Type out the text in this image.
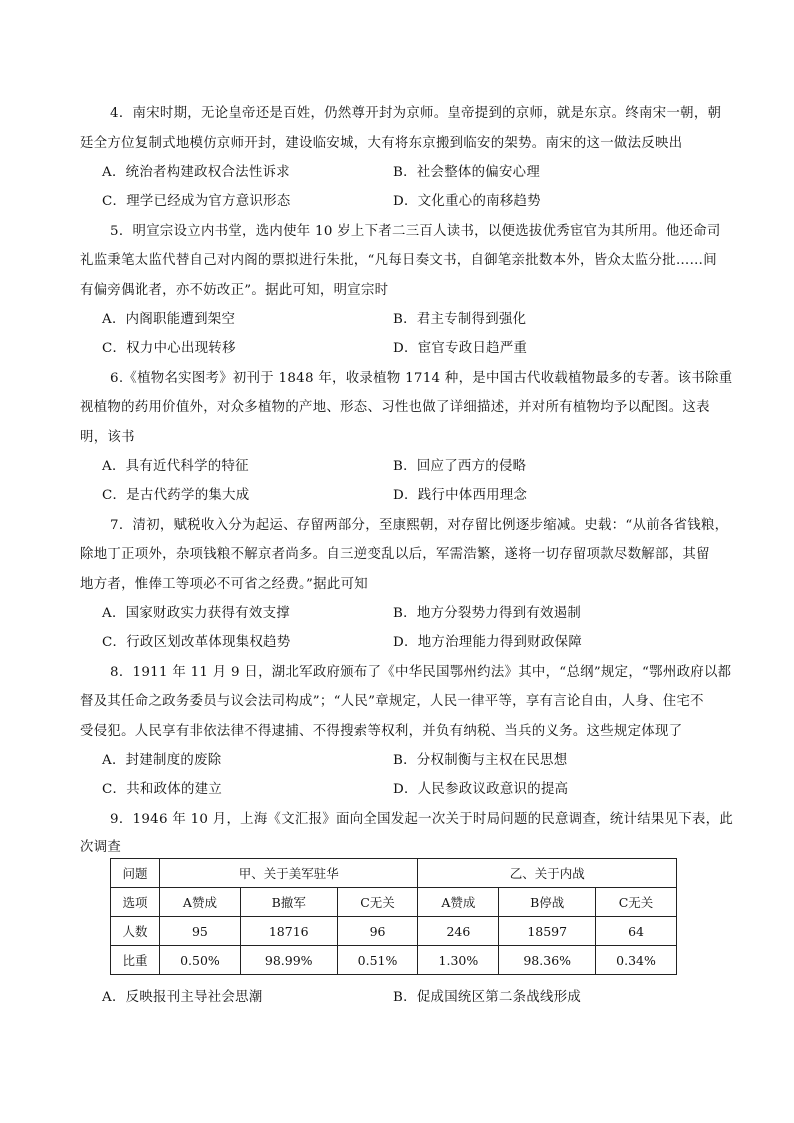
4．南宋时期，无论皇帝还是百姓，仍然尊开封为京师。皇帝提到的京师，就是东京。终南宋一朝，朝
廷全方位复制式地模仿京师开封，建设临安城，大有将东京搬到临安的架势。南宋的这一做法反映出
A．统治者构建政权合法性诉求	B．社会整体的偏安心理
C．理学已经成为官方意识形态	D．文化重心的南移趋势
5．明宣宗设立内书堂，选内使年 10 岁上下者二三百人读书，以便选拔优秀宦官为其所用。他还命司
礼监秉笔太监代替自己对内阁的票拟进行朱批，“凡每日奏文书，自御笔亲批数本外，皆众太监分批……间
有偏旁偶讹者，亦不妨改正”。据此可知，明宣宗时
A．内阁职能遭到架空	B．君主专制得到强化
C．权力中心出现转移	D．宦官专政日趋严重
6.《植物名实图考》初刊于 1848 年，收录植物 1714 种，是中国古代收载植物最多的专著。该书除重
视植物的药用价值外，对众多植物的产地、形态、习性也做了详细描述，并对所有植物均予以配图。这表
明，该书
A．具有近代科学的特征	B．回应了西方的侵略
C．是古代药学的集大成	D．践行中体西用理念
7．清初，赋税收入分为起运、存留两部分，至康熙朝，对存留比例逐步缩减。史载：“从前各省钱粮，
除地丁正项外，杂项钱粮不解京者尚多。自三逆变乱以后，军需浩繁，遂将一切存留项款尽数解部，其留
地方者，惟俸工等项必不可省之经费。”据此可知
A．国家财政实力获得有效支撑	B．地方分裂势力得到有效遏制
C．行政区划改革体现集权趋势	D．地方治理能力得到财政保障
8．1911 年 11 月 9 日，湖北军政府颁布了《中华民国鄂州约法》其中，“总纲”规定，“鄂州政府以都
督及其任命之政务委员与议会法司构成”；“人民”章规定，人民一律平等，享有言论自由，人身、住宅不
受侵犯。人民享有非依法律不得逮捕、不得搜索等权利，并负有纳税、当兵的义务。这些规定体现了
A．封建制度的废除	B．分权制衡与主权在民思想
C．共和政体的建立	D．人民参政议政意识的提高
9．1946 年 10 月，上海《文汇报》面向全国发起一次关于时局问题的民意调查，统计结果见下表，此
次调查
问题	甲、关于美军驻华			乙、关于内战		
选项	A赞成	B撤军	C无关	A赞成	B停战	C无关
人数	95	18716	96	246	18597	64
比重	0.50%	98.99%	0.51%	1.30%	98.36%	0.34%
A．反映报刊主导社会思潮	B．促成国统区第二条战线形成
